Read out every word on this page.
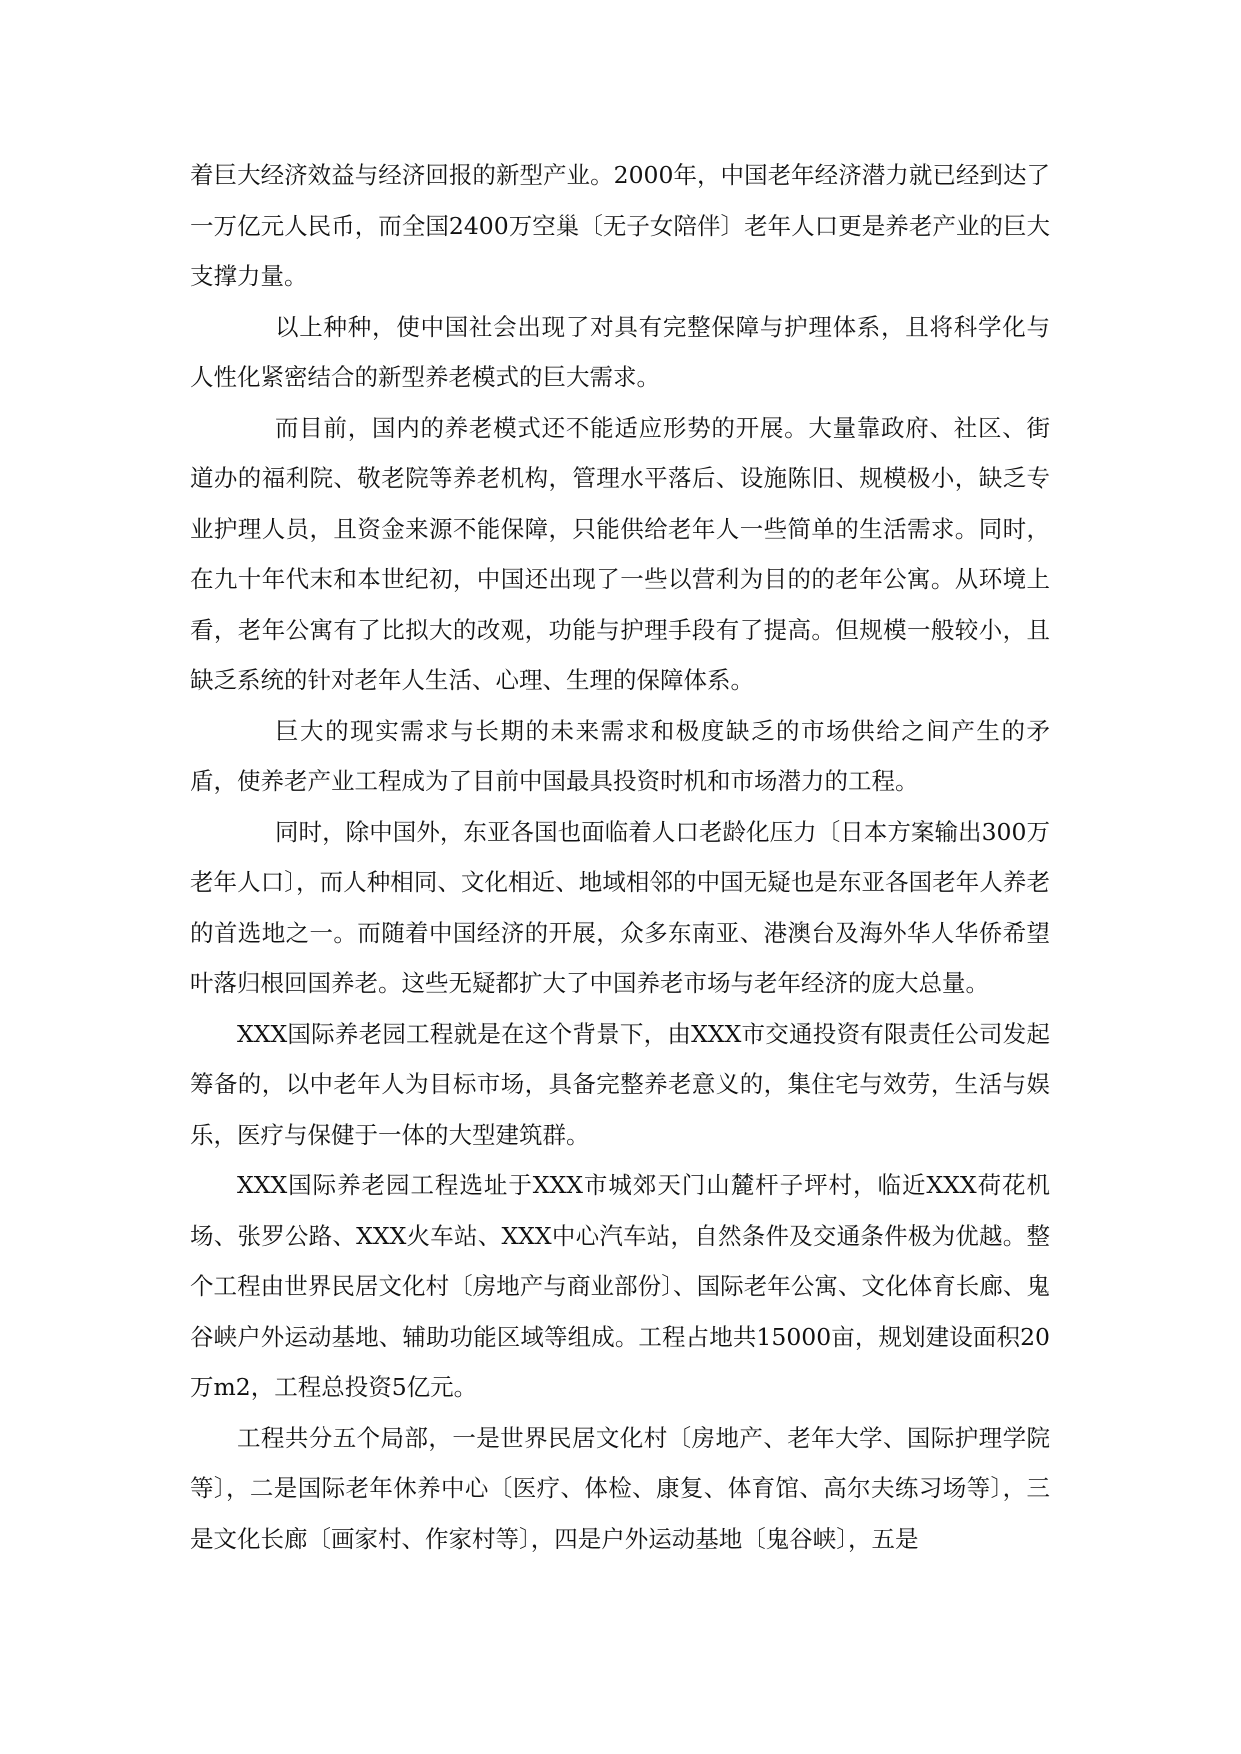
着巨大经济效益与经济回报的新型产业。2000年，中国老年经济潜力就已经到达了一万亿元人民币，而全国2400万空巢〔无子女陪伴〕老年人口更是养老产业的巨大支撑力量。

以上种种，使中国社会出现了对具有完整保障与护理体系，且将科学化与人性化紧密结合的新型养老模式的巨大需求。

而目前，国内的养老模式还不能适应形势的开展。大量靠政府、社区、街道办的福利院、敬老院等养老机构，管理水平落后、设施陈旧、规模极小，缺乏专业护理人员，且资金来源不能保障，只能供给老年人一些简单的生活需求。同时，在九十年代末和本世纪初，中国还出现了一些以营利为目的的老年公寓。从环境上看，老年公寓有了比拟大的改观，功能与护理手段有了提高。但规模一般较小，且缺乏系统的针对老年人生活、心理、生理的保障体系。

巨大的现实需求与长期的未来需求和极度缺乏的市场供给之间产生的矛盾，使养老产业工程成为了目前中国最具投资时机和市场潜力的工程。

同时，除中国外，东亚各国也面临着人口老龄化压力〔日本方案输出300万老年人口〕，而人种相同、文化相近、地域相邻的中国无疑也是东亚各国老年人养老的首选地之一。而随着中国经济的开展，众多东南亚、港澳台及海外华人华侨希望叶落归根回国养老。这些无疑都扩大了中国养老市场与老年经济的庞大总量。

XXX国际养老园工程就是在这个背景下，由XXX市交通投资有限责任公司发起筹备的，以中老年人为目标市场，具备完整养老意义的，集住宅与效劳，生活与娱乐，医疗与保健于一体的大型建筑群。

XXX国际养老园工程选址于XXX市城郊天门山麓杆子坪村，临近XXX荷花机场、张罗公路、XXX火车站、XXX中心汽车站，自然条件及交通条件极为优越。整个工程由世界民居文化村〔房地产与商业部份〕、国际老年公寓、文化体育长廊、鬼谷峡户外运动基地、辅助功能区域等组成。工程占地共15000亩，规划建设面积20万m2，工程总投资5亿元。

工程共分五个局部，一是世界民居文化村〔房地产、老年大学、国际护理学院等〕，二是国际老年休养中心〔医疗、体检、康复、体育馆、高尔夫练习场等〕，三是文化长廊〔画家村、作家村等〕，四是户外运动基地〔鬼谷峡〕，五是
